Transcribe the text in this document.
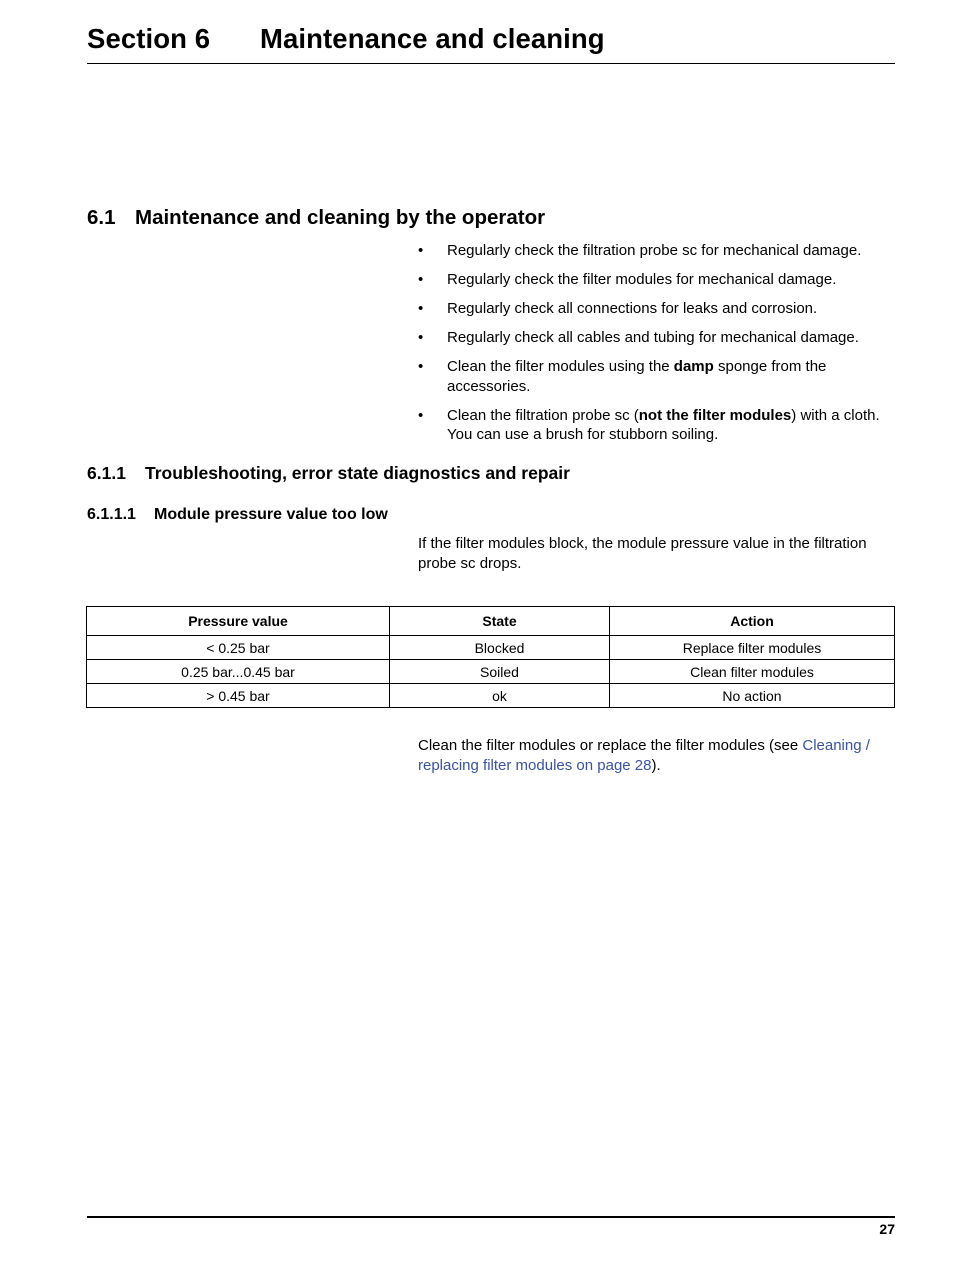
Section 6 Maintenance and cleaning
6.1 Maintenance and cleaning by the operator
• Regularly check the filtration probe sc for mechanical damage.
• Regularly check the filter modules for mechanical damage.
• Regularly check all connections for leaks and corrosion.
• Regularly check all cables and tubing for mechanical damage.
• Clean the filter modules using the damp sponge from the accessories.
• Clean the filtration probe sc (not the filter modules) with a cloth. You can use a brush for stubborn soiling.
6.1.1 Troubleshooting, error state diagnostics and repair
6.1.1.1 Module pressure value too low

If the filter modules block, the module pressure value in the filtration probe sc drops.

Pressure value	State	Action
< 0.25 bar	Blocked	Replace filter modules
0.25 bar...0.45 bar	Soiled	Clean filter modules
> 0.45 bar	ok	No action

Clean the filter modules or replace the filter modules (see Cleaning / replacing filter modules on page 28).

27
